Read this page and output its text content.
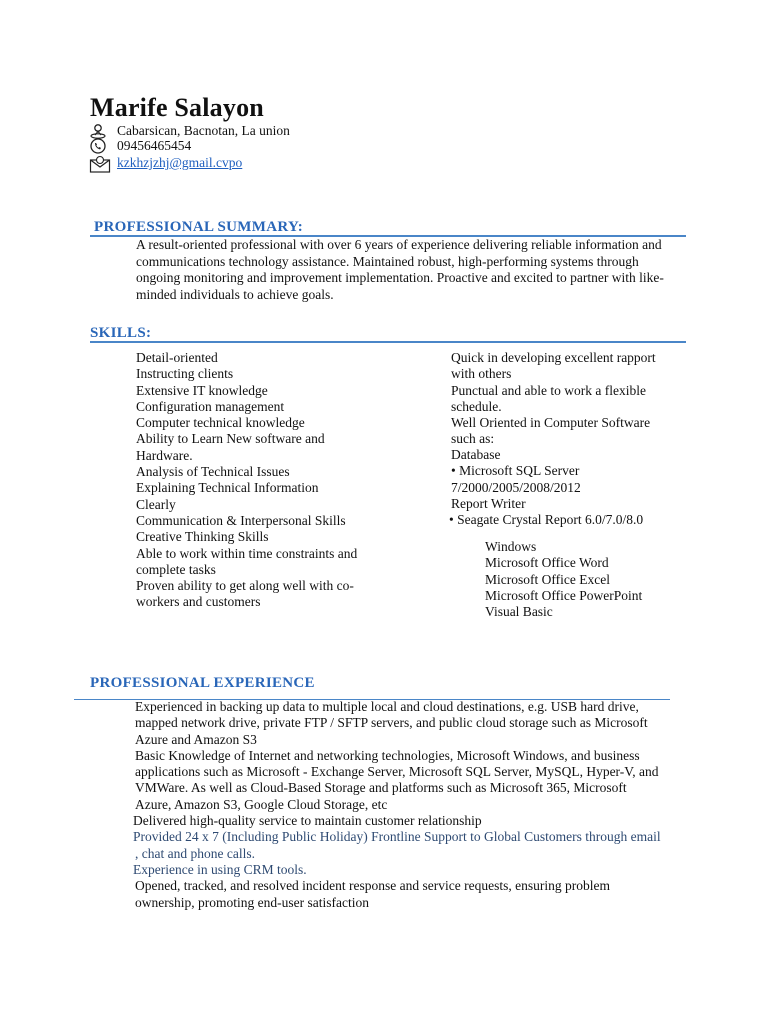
Marife Salayon
Cabarsican, Bacnotan, La union
09456465454
kzkhzjzhj@gmail.cvpo
PROFESSIONAL SUMMARY:
A result-oriented professional with over 6 years of experience delivering reliable information and
communications technology assistance. Maintained robust, high-performing systems through
ongoing monitoring and improvement implementation. Proactive and excited to partner with like-
minded individuals to achieve goals.
SKILLS:
Detail-oriented
Instructing clients
Extensive IT knowledge
Configuration management
Computer technical knowledge
Ability to Learn New software and
Hardware.
Analysis of Technical Issues
Explaining Technical Information
Clearly
Communication & Interpersonal Skills
Creative Thinking Skills
Able to work within time constraints and
complete tasks
Proven ability to get along well with co-
workers and customers
Quick in developing excellent rapport
with others
Punctual and able to work a flexible
schedule.
Well Oriented in Computer Software
such as:
Database
• Microsoft SQL Server
7/2000/2005/2008/2012
Report Writer
• Seagate Crystal Report 6.0/7.0/8.0
Windows
Microsoft Office Word
Microsoft Office Excel
Microsoft Office PowerPoint
Visual Basic
PROFESSIONAL EXPERIENCE
Experienced in backing up data to multiple local and cloud destinations, e.g. USB hard drive,
mapped network drive, private FTP / SFTP servers, and public cloud storage such as Microsoft
Azure and Amazon S3
Basic Knowledge of Internet and networking technologies, Microsoft Windows, and business
applications such as Microsoft - Exchange Server, Microsoft SQL Server, MySQL, Hyper-V, and
VMWare. As well as Cloud-Based Storage and platforms such as Microsoft 365, Microsoft
Azure, Amazon S3, Google Cloud Storage, etc
Delivered high-quality service to maintain customer relationship
Provided 24 x 7 (Including Public Holiday) Frontline Support to Global Customers through email
, chat and phone calls.
Experience in using CRM tools.
Opened, tracked, and resolved incident response and service requests, ensuring problem
ownership, promoting end-user satisfaction
